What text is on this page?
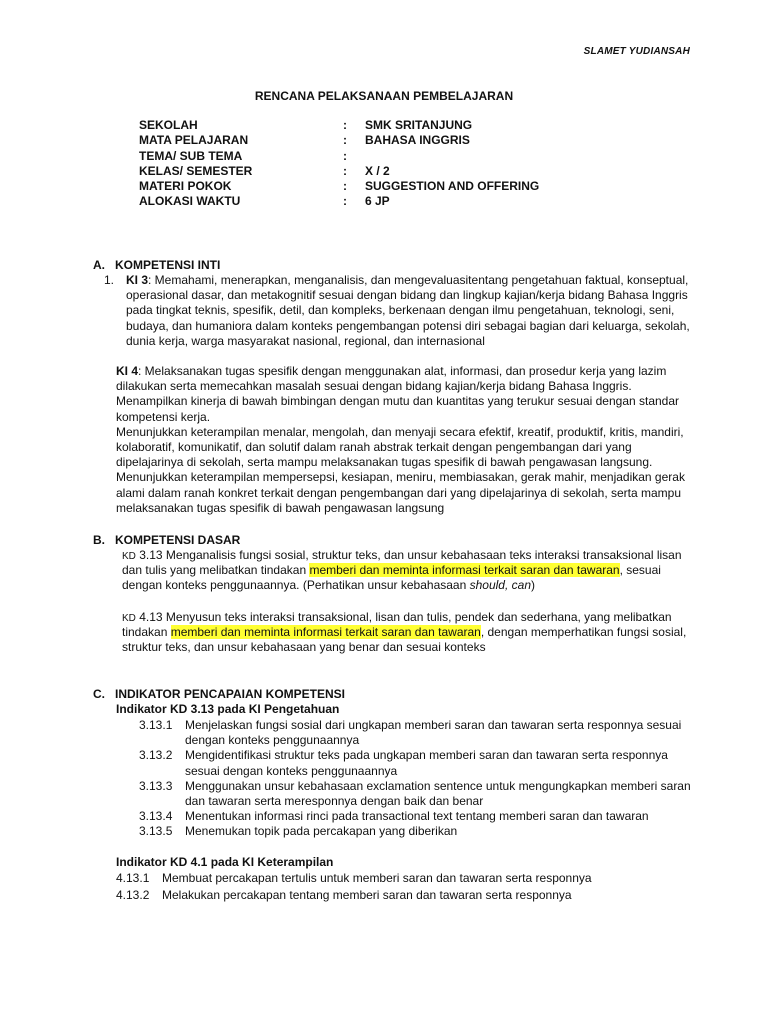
SLAMET YUDIANSAH
RENCANA PELAKSANAAN PEMBELAJARAN
SEKOLAH	: SMK SRITANJUNG
MATA PELAJARAN	: BAHASA INGGRIS
TEMA/ SUB TEMA	:
KELAS/ SEMESTER	: X / 2
MATERI POKOK	: SUGGESTION AND OFFERING
ALOKASI WAKTU	: 6 JP
A. KOMPETENSI INTI
1. KI 3: Memahami, menerapkan, menganalisis, dan mengevaluasitentang pengetahuan faktual, konseptual,
operasional dasar, dan metakognitif sesuai dengan bidang dan lingkup kajian/kerja bidang Bahasa Inggris
pada tingkat teknis, spesifik, detil, dan kompleks, berkenaan dengan ilmu pengetahuan, teknologi, seni,
budaya, dan humaniora dalam konteks pengembangan potensi diri sebagai bagian dari keluarga, sekolah,
dunia kerja, warga masyarakat nasional, regional, dan internasional
KI 4: Melaksanakan tugas spesifik dengan menggunakan alat, informasi, dan prosedur kerja yang lazim
dilakukan serta memecahkan masalah sesuai dengan bidang kajian/kerja bidang Bahasa Inggris.
Menampilkan kinerja di bawah bimbingan dengan mutu dan kuantitas yang terukur sesuai dengan standar
kompetensi kerja.
Menunjukkan keterampilan menalar, mengolah, dan menyaji secara efektif, kreatif, produktif, kritis, mandiri,
kolaboratif, komunikatif, dan solutif dalam ranah abstrak terkait dengan pengembangan dari yang
dipelajarinya di sekolah, serta mampu melaksanakan tugas spesifik di bawah pengawasan langsung.
Menunjukkan keterampilan mempersepsi, kesiapan, meniru, membiasakan, gerak mahir, menjadikan gerak
alami dalam ranah konkret terkait dengan pengembangan dari yang dipelajarinya di sekolah, serta mampu
melaksanakan tugas spesifik di bawah pengawasan langsung
B. KOMPETENSI DASAR
KD 3.13 Menganalisis fungsi sosial, struktur teks, dan unsur kebahasaan teks interaksi transaksional lisan
dan tulis yang melibatkan tindakan memberi dan meminta informasi terkait saran dan tawaran, sesuai
dengan konteks penggunaannya. (Perhatikan unsur kebahasaan should, can)
KD 4.13 Menyusun teks interaksi transaksional, lisan dan tulis, pendek dan sederhana, yang melibatkan
tindakan memberi dan meminta informasi terkait saran dan tawaran, dengan memperhatikan fungsi sosial,
struktur teks, dan unsur kebahasaan yang benar dan sesuai konteks
C. INDIKATOR PENCAPAIAN KOMPETENSI
Indikator KD 3.13 pada KI Pengetahuan
3.13.1	Menjelaskan fungsi sosial dari ungkapan memberi saran dan tawaran serta responnya sesuai
dengan konteks penggunaannya
3.13.2	Mengidentifikasi struktur teks pada ungkapan memberi saran dan tawaran serta responnya
sesuai dengan konteks penggunaannya
3.13.3	Menggunakan unsur kebahasaan exclamation sentence untuk mengungkapkan memberi saran
dan tawaran serta meresponnya dengan baik dan benar
3.13.4	Menentukan informasi rinci pada transactional text tentang memberi saran dan tawaran
3.13.5	Menemukan topik pada percakapan yang diberikan
Indikator KD 4.1 pada KI Keterampilan
4.13.1	Membuat percakapan tertulis untuk memberi saran dan tawaran serta responnya
4.13.2	Melakukan percakapan tentang memberi saran dan tawaran serta responnya
